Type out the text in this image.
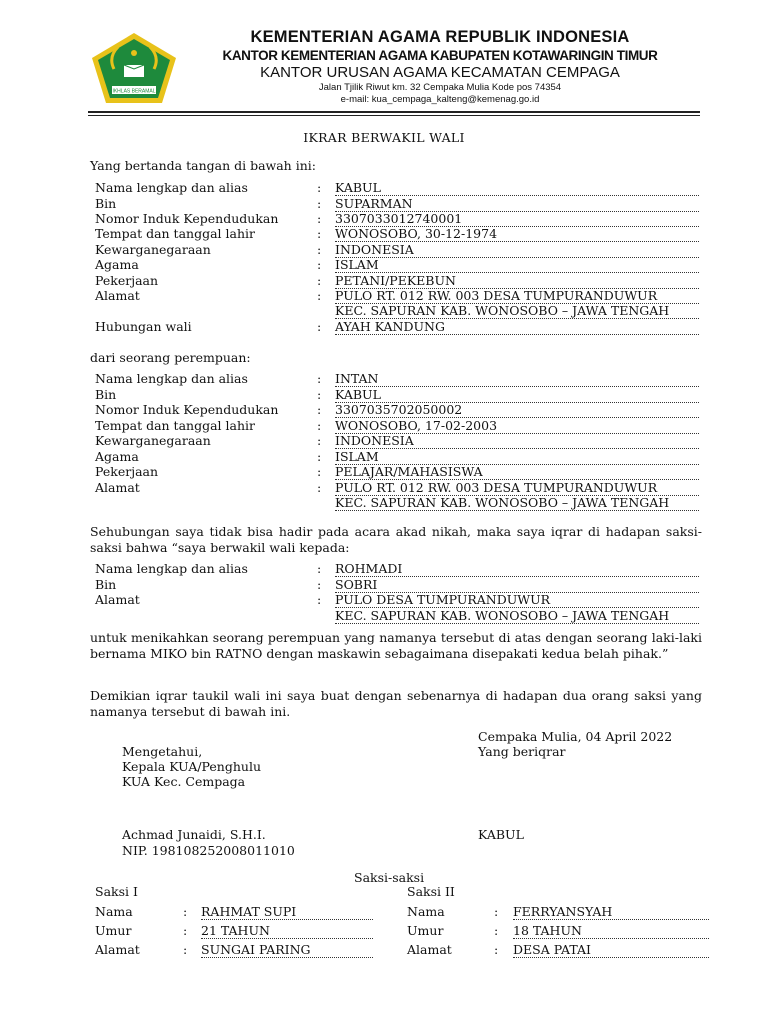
IKHLAS BERAMAL
KEMENTERIAN AGAMA REPUBLIK INDONESIA
KANTOR KEMENTERIAN AGAMA KABUPATEN KOTAWARINGIN TIMUR
KANTOR URUSAN AGAMA KECAMATAN CEMPAGA
Jalan Tjilik Riwut km. 32 Cempaka Mulia Kode pos 74354
e-mail: kua_cempaga_kalteng@kemenag.go.id
IKRAR BERWAKIL WALI
Yang bertanda tangan di bawah ini:
Nama lengkap dan alias	: KABUL
Bin	: SUPARMAN
Nomor Induk Kependudukan	: 3307033012740001
Tempat dan tanggal lahir	: WONOSOBO, 30-12-1974
Kewarganegaraan	: INDONESIA
Agama	: ISLAM
Pekerjaan	: PETANI/PEKEBUN
Alamat	: PULO RT. 012 RW. 003 DESA TUMPURANDUWUR
KEC. SAPURAN KAB. WONOSOBO – JAWA TENGAH
Hubungan wali	: AYAH KANDUNG
dari seorang perempuan:
Nama lengkap dan alias	: INTAN
Bin	: KABUL
Nomor Induk Kependudukan	: 3307035702050002
Tempat dan tanggal lahir	: WONOSOBO, 17-02-2003
Kewarganegaraan	: INDONESIA
Agama	: ISLAM
Pekerjaan	: PELAJAR/MAHASISWA
Alamat	: PULO RT. 012 RW. 003 DESA TUMPURANDUWUR
KEC. SAPURAN KAB. WONOSOBO – JAWA TENGAH
Sehubungan saya tidak bisa hadir pada acara akad nikah, maka saya iqrar di hadapan saksi-saksi bahwa “saya berwakil wali kepada:
Nama lengkap dan alias	: ROHMADI
Bin	: SOBRI
Alamat	: PULO DESA TUMPURANDUWUR
KEC. SAPURAN KAB. WONOSOBO – JAWA TENGAH
untuk menikahkan seorang perempuan yang namanya tersebut di atas dengan seorang laki-laki bernama MIKO bin RATNO dengan maskawin sebagaimana disepakati kedua belah pihak.”
Demikian iqrar taukil wali ini saya buat dengan sebenarnya di hadapan dua orang saksi yang namanya tersebut di bawah ini.
Cempaka Mulia, 04 April 2022
Yang beriqrar
Mengetahui,
Kepala KUA/Penghulu
KUA Kec. Cempaga
Achmad Junaidi, S.H.I.
NIP. 198108252008011010
KABUL
Saksi-saksi
Saksi I
Nama	: RAHMAT SUPI
Umur	: 21 TAHUN
Alamat	: SUNGAI PARING
Saksi II
Nama	: FERRYANSYAH
Umur	: 18 TAHUN
Alamat	: DESA PATAI
